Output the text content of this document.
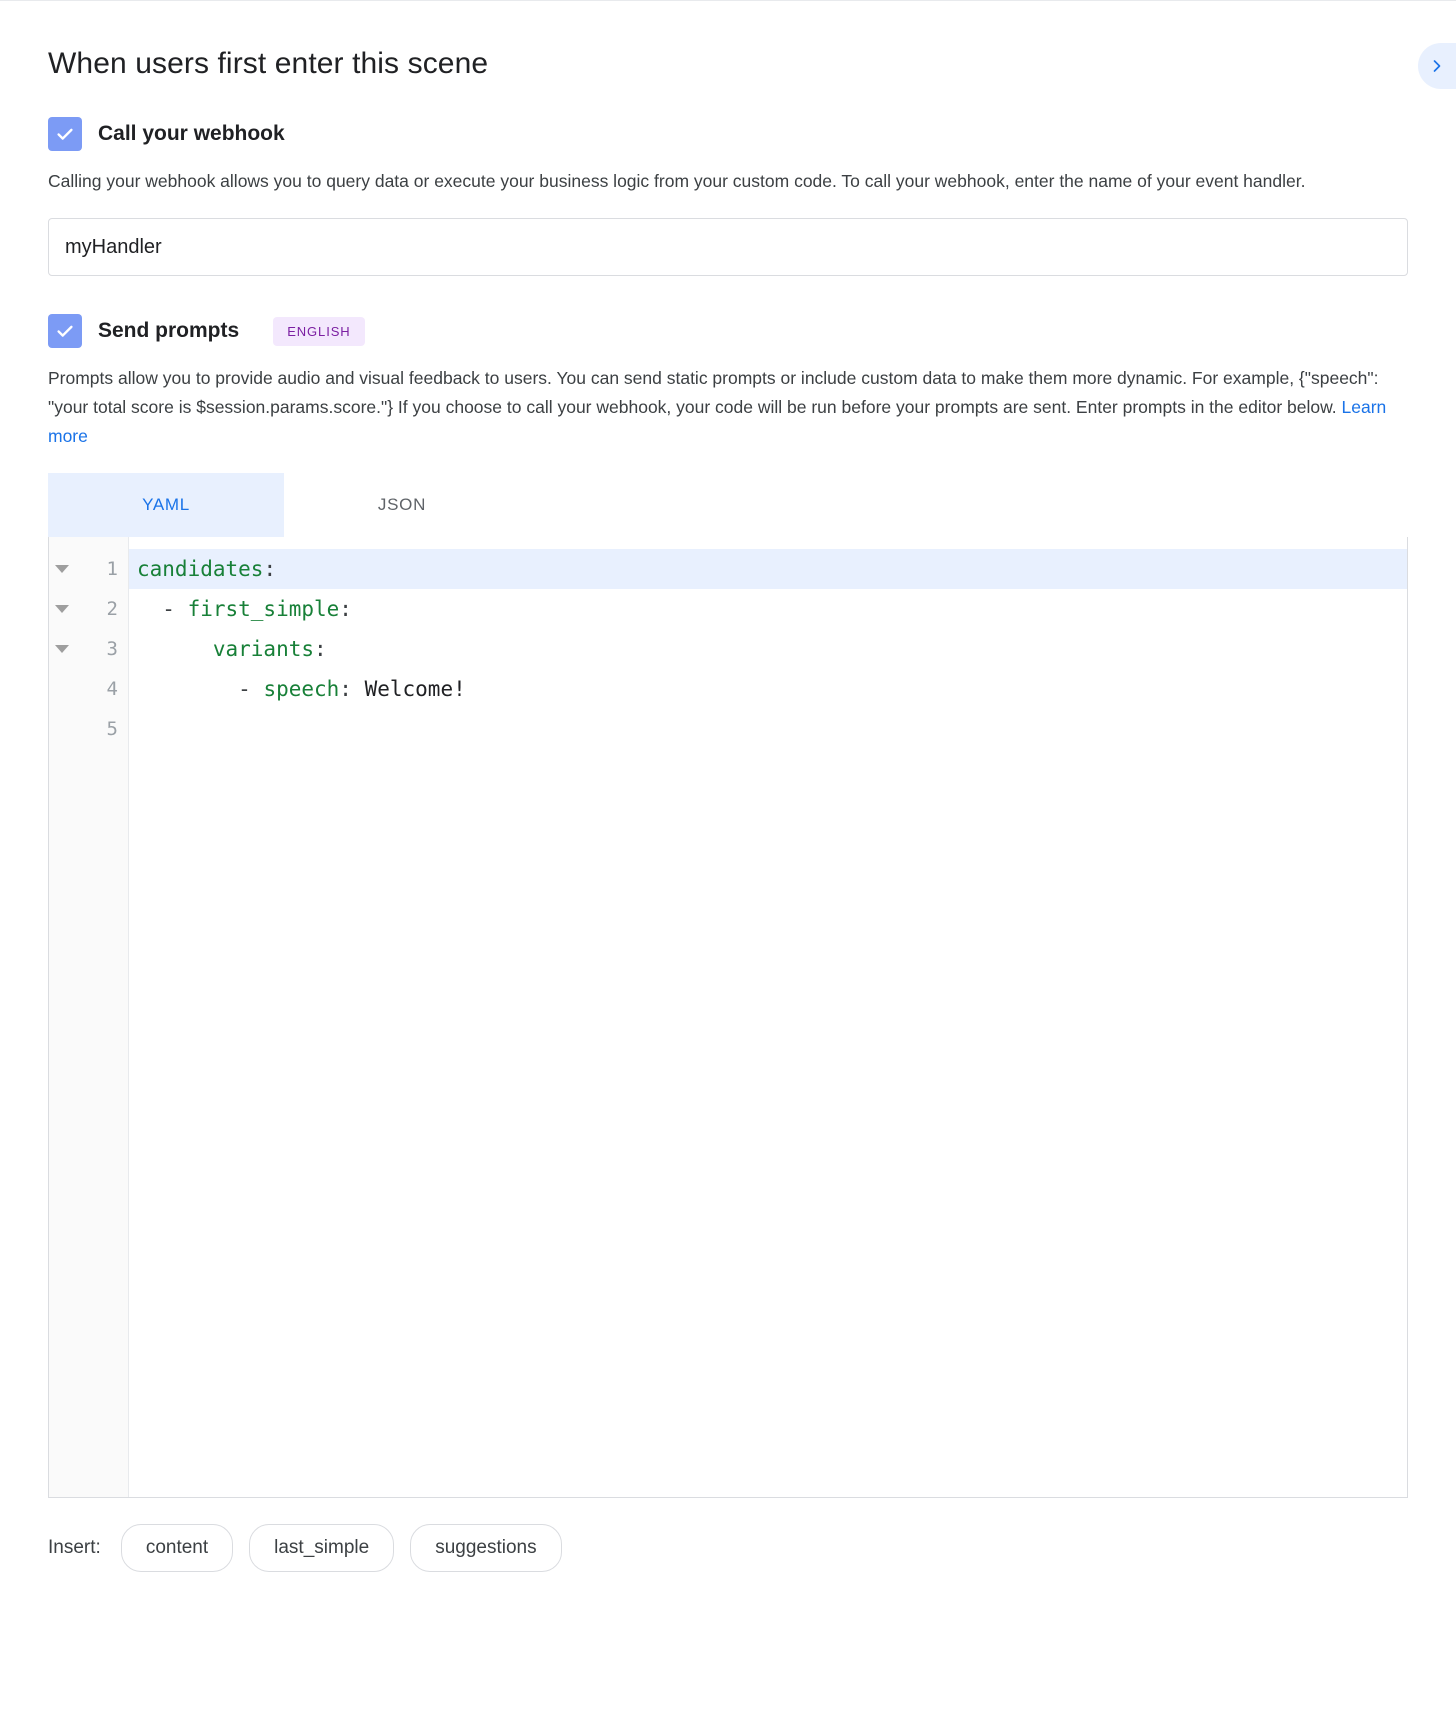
When users first enter this scene
Call your webhook

Calling your webhook allows you to query data or execute your business logic from your custom code. To call your webhook, enter the name of your event handler.

myHandler
Send prompts	ENGLISH

Prompts allow you to provide audio and visual feedback to users. You can send static prompts or include custom data to make them more dynamic. For example, {"speech": "your total score is $session.params.score."} If you choose to call your webhook, your code will be run before your prompts are sent. Enter prompts in the editor below. Learn more

YAML	JSON
1
2
3
4
5
candidates :
- first_simple :

variants :
- speech : Welcome!
Insert:	content	last_simple	suggestions
